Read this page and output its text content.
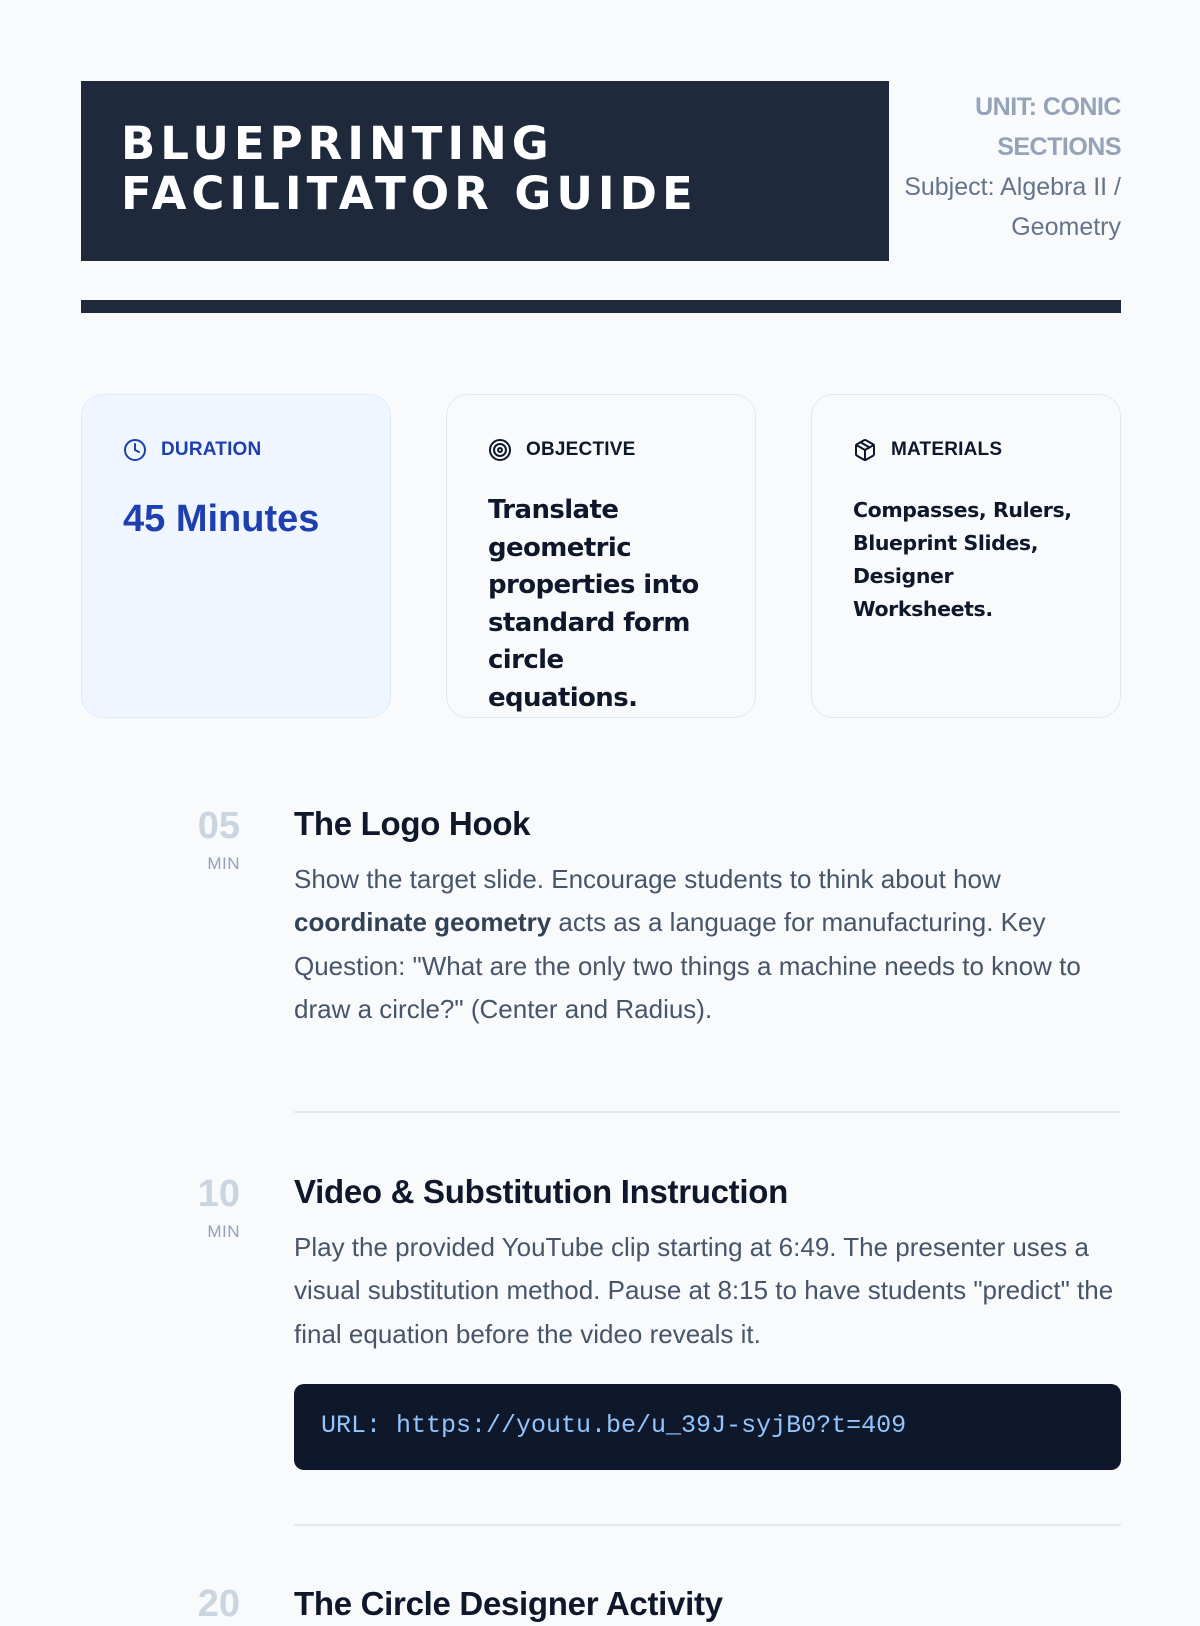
BLUEPRINTING
FACILITATOR GUIDE
UNIT: CONIC
SECTIONS
Subject: Algebra II /
Geometry
DURATION
45 Minutes
OBJECTIVE
Translate geometric properties into standard form circle equations.
MATERIALS
Compasses, Rulers, Blueprint Slides, Designer Worksheets.
05
MIN
The Logo Hook
Show the target slide. Encourage students to think about how coordinate geometry acts as a language for manufacturing. Key Question: "What are the only two things a machine needs to know to draw a circle?" (Center and Radius).
10
MIN
Video & Substitution Instruction
Play the provided YouTube clip starting at 6:49. The presenter uses a visual substitution method. Pause at 8:15 to have students "predict" the final equation before the video reveals it.
URL: https://youtu.be/u_39J-syjB0?t=409
20 The Circle Designer Activity
